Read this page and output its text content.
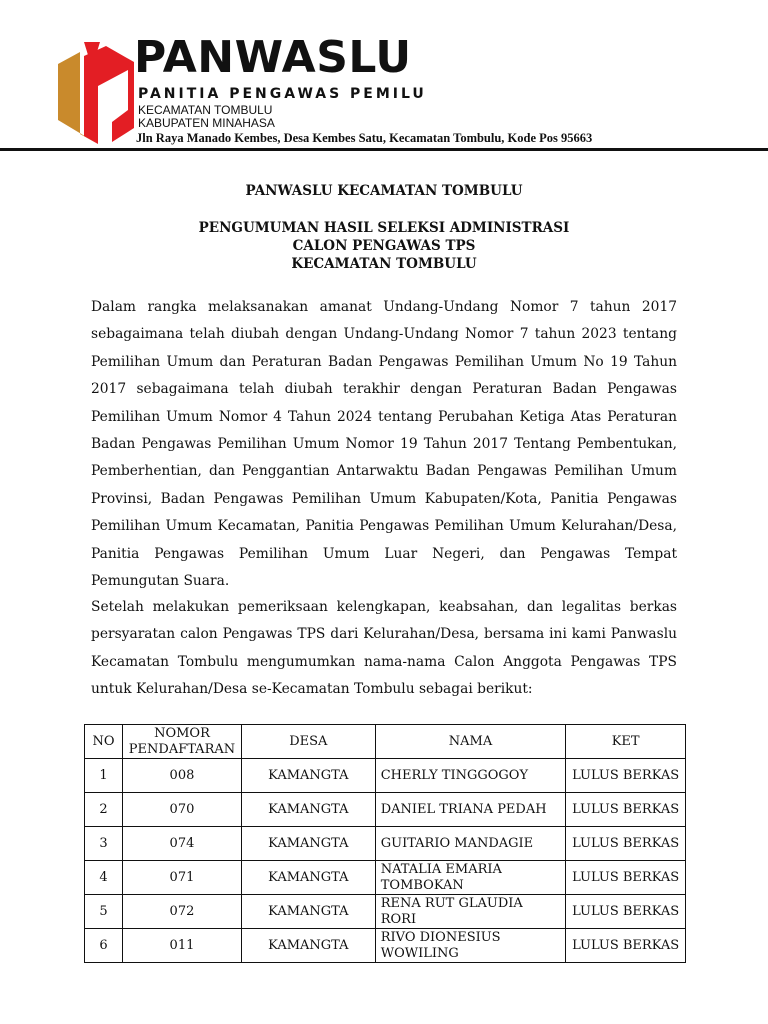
PANWASLU
PANITIA PENGAWAS PEMILU
KECAMATAN TOMBULU
KABUPATEN MINAHASA
Jln Raya Manado Kembes, Desa Kembes Satu, Kecamatan Tombulu, Kode Pos 95663
PANWASLU KECAMATAN TOMBULU
PENGUMUMAN HASIL SELEKSI ADMINISTRASI
CALON PENGAWAS TPS
KECAMATAN TOMBULU

Dalam rangka melaksanakan amanat Undang-Undang Nomor 7 tahun 2017 sebagaimana telah diubah dengan Undang-Undang Nomor 7 tahun 2023 tentang Pemilihan Umum dan Peraturan Badan Pengawas Pemilihan Umum No 19 Tahun 2017 sebagaimana telah diubah terakhir dengan Peraturan Badan Pengawas Pemilihan Umum Nomor 4 Tahun 2024 tentang Perubahan Ketiga Atas Peraturan Badan Pengawas Pemilihan Umum Nomor 19 Tahun 2017 Tentang Pembentukan, Pemberhentian, dan Penggantian Antarwaktu Badan Pengawas Pemilihan Umum Provinsi, Badan Pengawas Pemilihan Umum Kabupaten/Kota, Panitia Pengawas Pemilihan Umum Kecamatan, Panitia Pengawas Pemilihan Umum Kelurahan/Desa, Panitia Pengawas Pemilihan Umum Luar Negeri, dan Pengawas Tempat Pemungutan Suara.

Setelah melakukan pemeriksaan kelengkapan, keabsahan, dan legalitas berkas persyaratan calon Pengawas TPS dari Kelurahan/Desa, bersama ini kami Panwaslu Kecamatan Tombulu mengumumkan nama-nama Calon Anggota Pengawas TPS untuk Kelurahan/Desa se-Kecamatan Tombulu sebagai berikut:

NO	NOMOR PENDAFTARAN	DESA	NAMA	KET
1	008	KAMANGTA	CHERLY TINGGOGOY	LULUS BERKAS
2	070	KAMANGTA	DANIEL TRIANA PEDAH	LULUS BERKAS
3	074	KAMANGTA	GUITARIO MANDAGIE	LULUS BERKAS
4	071	KAMANGTA	NATALIA EMARIA TOMBOKAN	LULUS BERKAS
5	072	KAMANGTA	RENA RUT GLAUDIA RORI	LULUS BERKAS
6	011	KAMANGTA	RIVO DIONESIUS WOWILING	LULUS BERKAS
